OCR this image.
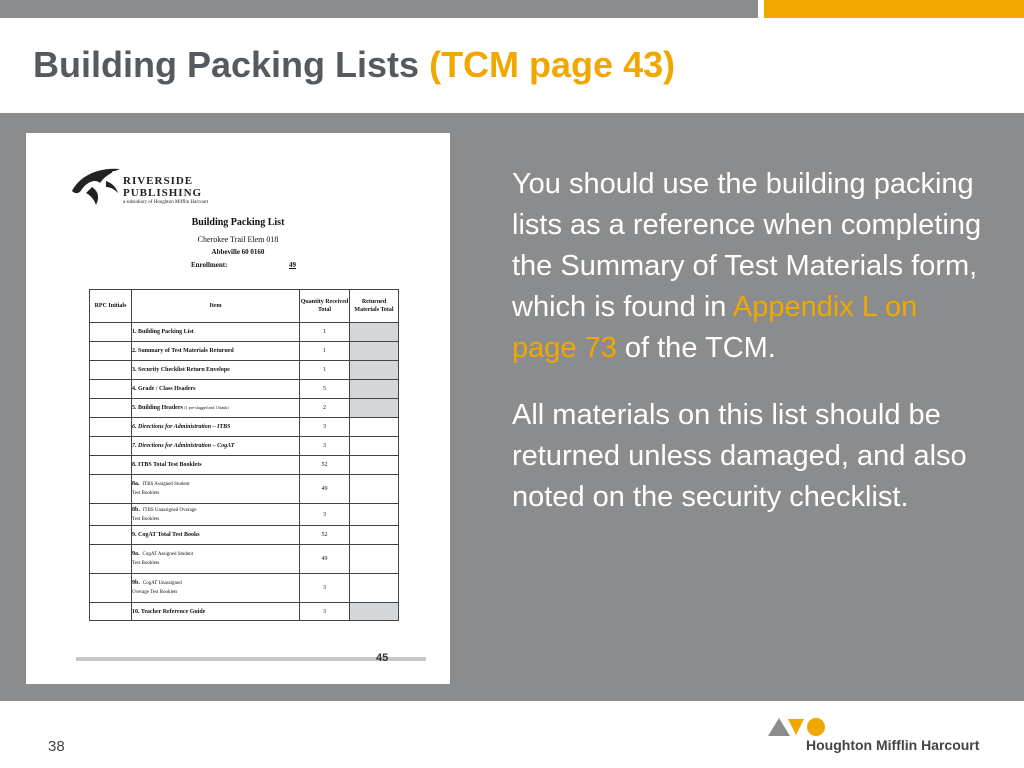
Building Packing Lists (TCM page 43)
RIVERSIDE
PUBLISHING
a subsidiary of Houghton Mifflin Harcourt
Building Packing List
Cherokee Trail Elem 018
Abbeville 60 0160
Enrollment:	49
RPC Initials	Item	Quantity Received Total	Returned Materials Total
	1. Building Packing List	1	
	2. Summary of Test Materials Returned	1	
	3. Security Checklist Return Envelope	1	
	4. Grade / Class Headers	5	
	5. Building Headers (1 pre-slugged and 1 blank)	2	
	6. Directions for Administration – ITBS	3	
	7. Directions for Administration – CogAT	3	
	8. ITBS Total Test Booklets	52	
	8a. ITBS Assigned Student
Test Booklets	49	
	8b. ITBS Unassigned Overage
Test Booklets	3	
	9. CogAT Total Test Books	52	
	9a. CogAT Assigned Student
Test Booklets	49	
	9b. CogAT Unassigned
Overage Test Booklets	3	
	10. Teacher Reference Guide	3	
45

You should use the building packing lists as a reference when completing the Summary of Test Materials form, which is found in Appendix L on page 73 of the TCM.

All materials on this list should be returned unless damaged, and also noted on the security checklist.

38	Houghton Mifflin Harcourt
